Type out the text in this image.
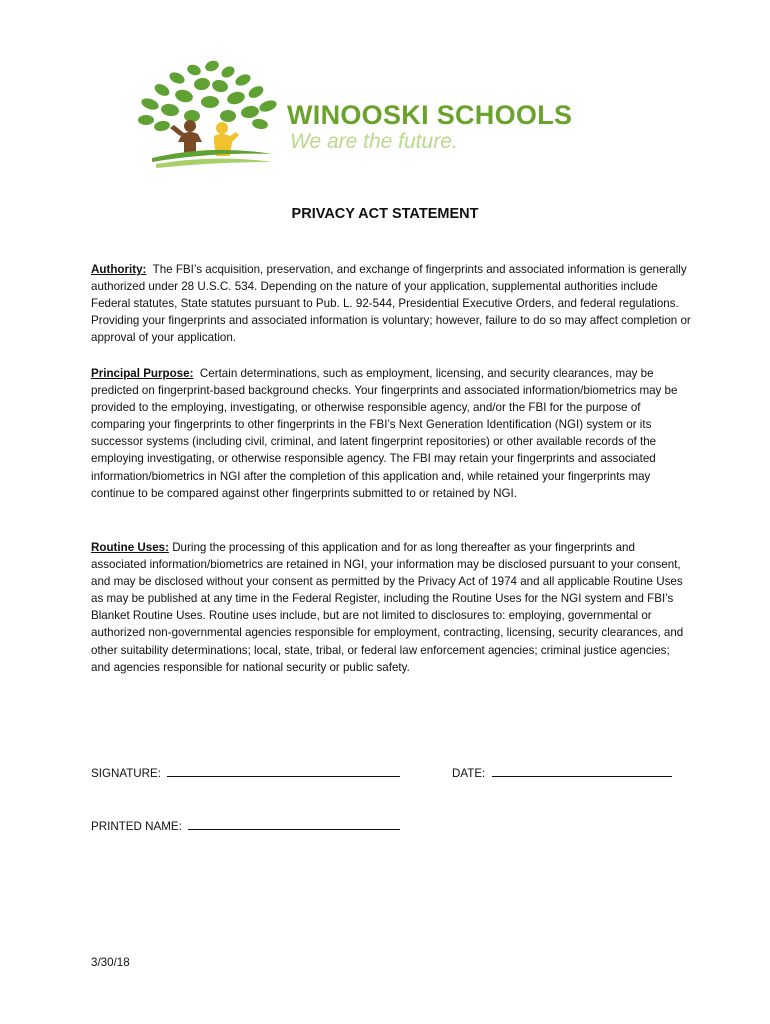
WINOOSKI SCHOOLS
We are the future.
PRIVACY ACT STATEMENT

Authority: The FBI’s acquisition, preservation, and exchange of fingerprints and associated information is generally authorized under 28 U.S.C. 534. Depending on the nature of your application, supplemental authorities include Federal statutes, State statutes pursuant to Pub. L. 92-544, Presidential Executive Orders, and federal regulations. Providing your fingerprints and associated information is voluntary; however, failure to do so may affect completion or approval of your application.

Principal Purpose: Certain determinations, such as employment, licensing, and security clearances, may be predicted on fingerprint-based background checks. Your fingerprints and associated information/biometrics may be provided to the employing, investigating, or otherwise responsible agency, and/or the FBI for the purpose of comparing your fingerprints to other fingerprints in the FBI’s Next Generation Identification (NGI) system or its successor systems (including civil, criminal, and latent fingerprint repositories) or other available records of the employing investigating, or otherwise responsible agency. The FBI may retain your fingerprints and associated information/biometrics in NGI after the completion of this application and, while retained your fingerprints may continue to be compared against other fingerprints submitted to or retained by NGI.

Routine Uses: During the processing of this application and for as long thereafter as your fingerprints and associated information/biometrics are retained in NGI, your information may be disclosed pursuant to your consent, and may be disclosed without your consent as permitted by the Privacy Act of 1974 and all applicable Routine Uses as may be published at any time in the Federal Register, including the Routine Uses for the NGI system and FBI’s Blanket Routine Uses. Routine uses include, but are not limited to disclosures to: employing, governmental or authorized non-governmental agencies responsible for employment, contracting, licensing, security clearances, and other suitability determinations; local, state, tribal, or federal law enforcement agencies; criminal justice agencies; and agencies responsible for national security or public safety.

SIGNATURE:	DATE:
PRINTED NAME:
3/30/18
